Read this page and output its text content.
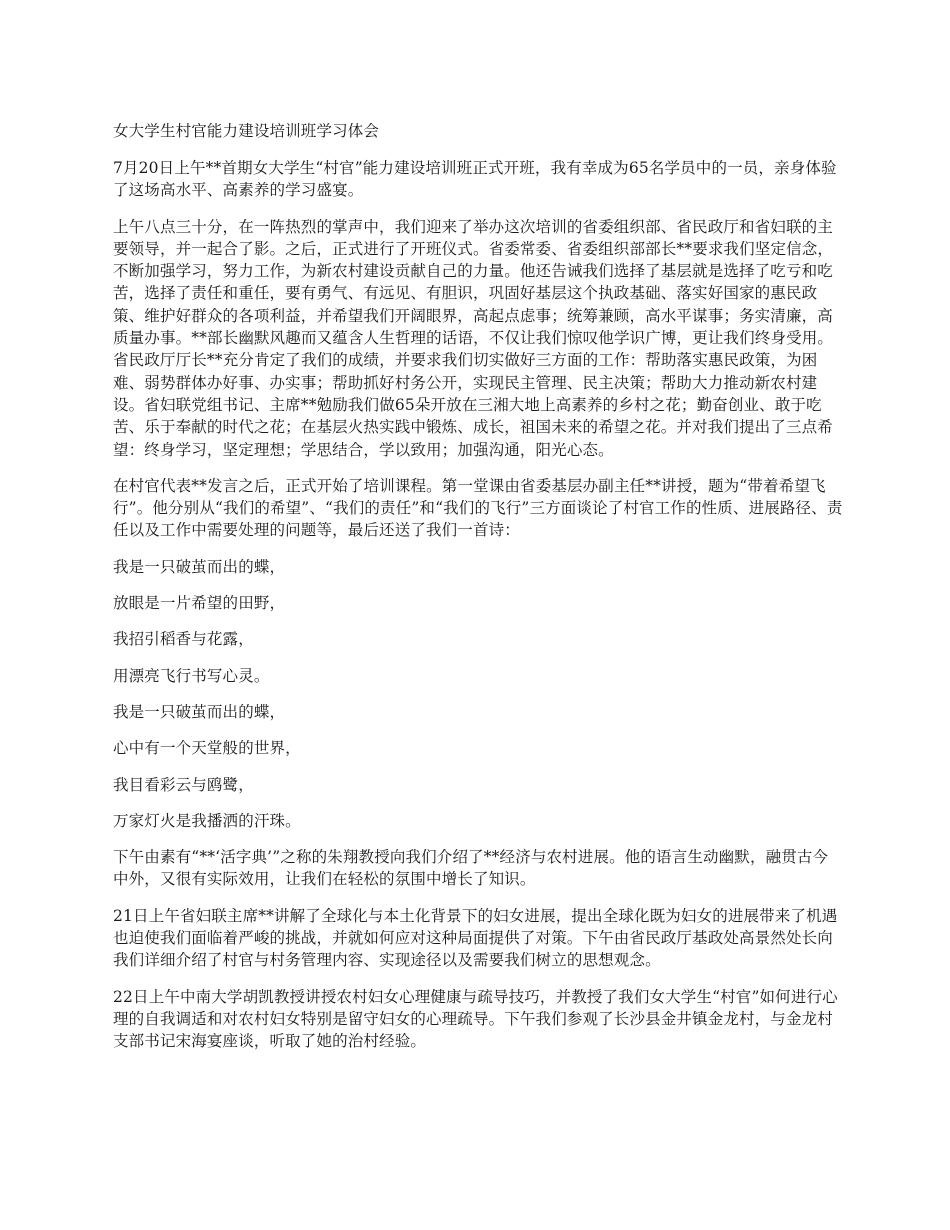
女大学生村官能力建设培训班学习体会

7月20日上午**首期女大学生“村官”能力建设培训班正式开班，我有幸成为65名学员中的一员，亲身体验了这场高水平、高素养的学习盛宴。

上午八点三十分，在一阵热烈的掌声中，我们迎来了举办这次培训的省委组织部、省民政厅和省妇联的主要领导，并一起合了影。之后，正式进行了开班仪式。省委常委、省委组织部部长**要求我们坚定信念，不断加强学习，努力工作，为新农村建设贡献自己的力量。他还告诫我们选择了基层就是选择了吃亏和吃苦，选择了责任和重任，要有勇气、有远见、有胆识，巩固好基层这个执政基础、落实好国家的惠民政策、维护好群众的各项利益，并希望我们开阔眼界，高起点虑事；统筹兼顾，高水平谋事；务实清廉，高质量办事。**部长幽默风趣而又蕴含人生哲理的话语，不仅让我们惊叹他学识广博，更让我们终身受用。省民政厅厅长**充分肯定了我们的成绩，并要求我们切实做好三方面的工作：帮助落实惠民政策，为困难、弱势群体办好事、办实事；帮助抓好村务公开，实现民主管理、民主决策；帮助大力推动新农村建设。省妇联党组书记、主席**勉励我们做65朵开放在三湘大地上高素养的乡村之花；勤奋创业、敢于吃苦、乐于奉献的时代之花；在基层火热实践中锻炼、成长，祖国未来的希望之花。并对我们提出了三点希望：终身学习，坚定理想；学思结合，学以致用；加强沟通，阳光心态。

在村官代表**发言之后，正式开始了培训课程。第一堂课由省委基层办副主任**讲授，题为“带着希望飞行”。他分别从“我们的希望”、“我们的责任”和“我们的飞行”三方面谈论了村官工作的性质、进展路径、责任以及工作中需要处理的问题等，最后还送了我们一首诗：

我是一只破茧而出的蝶，

放眼是一片希望的田野，

我招引稻香与花露，

用漂亮飞行书写心灵。

我是一只破茧而出的蝶，

心中有一个天堂般的世界，

我目看彩云与鸥鹭，

万家灯火是我播洒的汗珠。

下午由素有“**‘活字典’”之称的朱翔教授向我们介绍了**经济与农村进展。他的语言生动幽默，融贯古今中外，又很有实际效用，让我们在轻松的氛围中增长了知识。

21日上午省妇联主席**讲解了全球化与本土化背景下的妇女进展，提出全球化既为妇女的进展带来了机遇也迫使我们面临着严峻的挑战，并就如何应对这种局面提供了对策。下午由省民政厅基政处高景然处长向我们详细介绍了村官与村务管理内容、实现途径以及需要我们树立的思想观念。

22日上午中南大学胡凯教授讲授农村妇女心理健康与疏导技巧，并教授了我们女大学生“村官”如何进行心理的自我调适和对农村妇女特别是留守妇女的心理疏导。下午我们参观了长沙县金井镇金龙村，与金龙村支部书记宋海宴座谈，听取了她的治村经验。
